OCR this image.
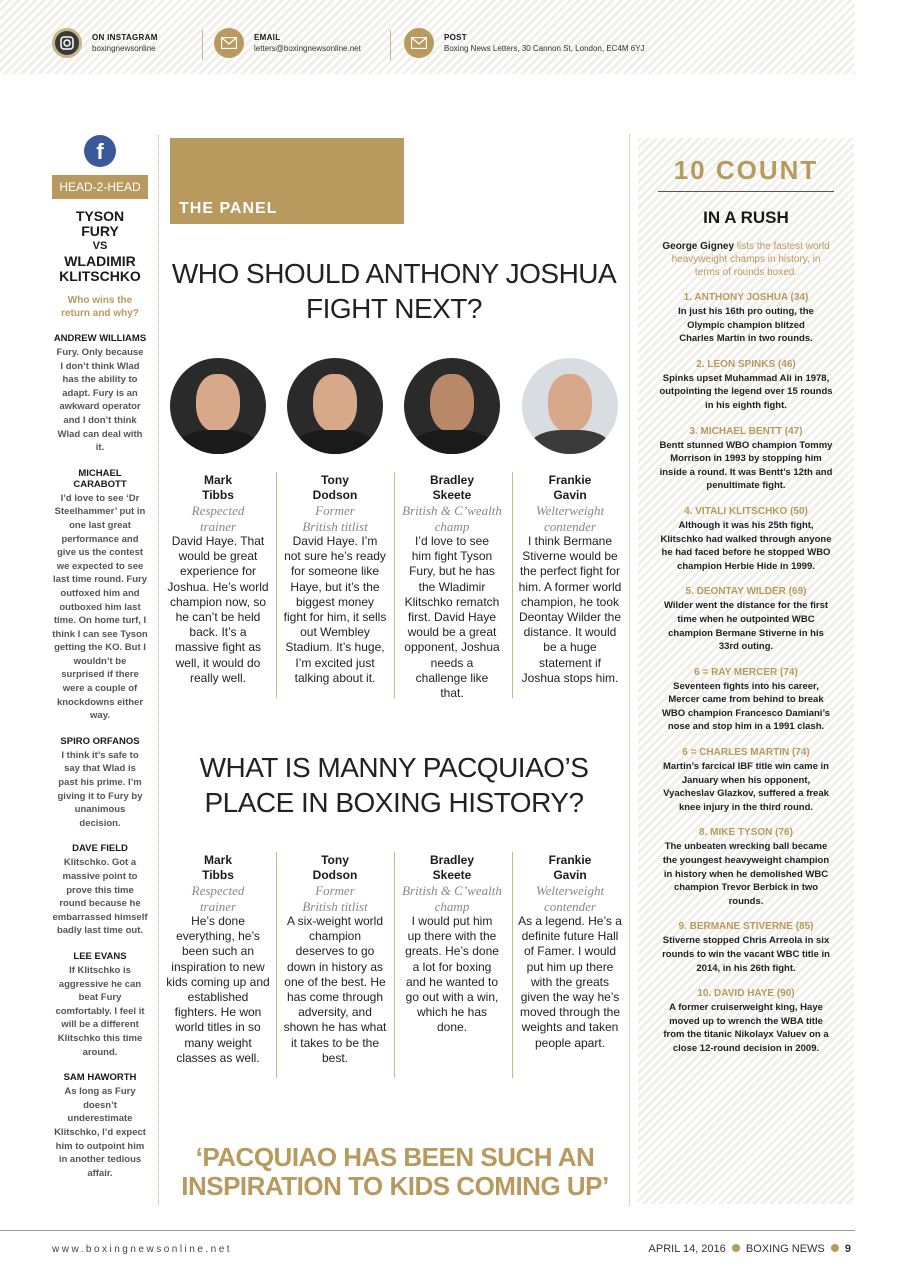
ON INSTAGRAM
boxingnewsonline
EMAIL
letters@boxingnewsonline.net
POST
Boxing News Letters, 30 Cannon St, London, EC4M 6YJ
f
HEAD-2-HEAD
TYSON FURY
VS
WLADIMIR KLITSCHKO
Who wins the return and why?
ANDREW WILLIAMS
Fury. Only because I don’t think Wlad has the ability to adapt. Fury is an awkward operator and I don’t think Wlad can deal with it.
MICHAEL CARABOTT
I’d love to see ‘Dr Steelhammer’ put in one last great performance and give us the contest we expected to see last time round. Fury outfoxed him and outboxed him last time. On home turf, I think I can see Tyson getting the KO. But I wouldn’t be surprised if there were a couple of knockdowns either way.
SPIRO ORFANOS
I think it’s safe to say that Wlad is past his prime. I’m giving it to Fury by unanimous decision.
DAVE FIELD
Klitschko. Got a massive point to prove this time round because he embarrassed himself badly last time out.
LEE EVANS
If Klitschko is aggressive he can beat Fury comfortably. I feel it will be a different Klitschko this time around.
SAM HAWORTH
As long as Fury doesn’t underestimate Klitschko, I’d expect him to outpoint him in another tedious affair.
THE PANEL
WHO SHOULD ANTHONY JOSHUA FIGHT NEXT?
Mark Tibbs
Respected trainer
David Haye. That would be great experience for Joshua. He’s world champion now, so he can’t be held back. It’s a massive fight as well, it would do really well.
Tony Dodson
Former British titlist
David Haye. I’m not sure he’s ready for someone like Haye, but it’s the biggest money fight for him, it sells out Wembley Stadium. It’s huge, I’m excited just talking about it.
Bradley Skeete
British & C’wealth champ
I’d love to see him fight Tyson Fury, but he has the Wladimir Klitschko rematch first. David Haye would be a great opponent, Joshua needs a challenge like that.
Frankie Gavin
Welterweight contender
I think Bermane Stiverne would be the perfect fight for him. A former world champion, he took Deontay Wilder the distance. It would be a huge statement if Joshua stops him.
WHAT IS MANNY PACQUIAO’S PLACE IN BOXING HISTORY?
Mark Tibbs
Respected trainer
He’s done everything, he’s been such an inspiration to new kids coming up and established fighters. He won world titles in so many weight classes as well.
Tony Dodson
Former British titlist
A six-weight world champion deserves to go down in history as one of the best. He has come through adversity, and shown he has what it takes to be the best.
Bradley Skeete
British & C’wealth champ
I would put him up there with the greats. He’s done a lot for boxing and he wanted to go out with a win, which he has done.
Frankie Gavin
Welterweight contender
As a legend. He’s a definite future Hall of Famer. I would put him up there with the greats given the way he’s moved through the weights and taken people apart.
‘PACQUIAO HAS BEEN SUCH AN INSPIRATION TO KIDS COMING UP’
10 COUNT
IN A RUSH
George Gigney lists the fastest world heavyweight champs in history, in terms of rounds boxed.
1. ANTHONY JOSHUA (34)
In just his 16th pro outing, the Olympic champion blitzed Charles Martin in two rounds.
2. LEON SPINKS (46)
Spinks upset Muhammad Ali in 1978, outpointing the legend over 15 rounds in his eighth fight.
3. MICHAEL BENTT (47)
Bentt stunned WBO champion Tommy Morrison in 1993 by stopping him inside a round. It was Bentt’s 12th and penultimate fight.
4. VITALI KLITSCHKO (50)
Although it was his 25th fight, Klitschko had walked through anyone he had faced before he stopped WBO champion Herbie Hide in 1999.
5. DEONTAY WILDER (69)
Wilder went the distance for the first time when he outpointed WBC champion Bermane Stiverne in his 33rd outing.
6 = RAY MERCER (74)
Seventeen fights into his career, Mercer came from behind to break WBO champion Francesco Damiani’s nose and stop him in a 1991 clash.
6 = CHARLES MARTIN (74)
Martin’s farcical IBF title win came in January when his opponent, Vyacheslav Glazkov, suffered a freak knee injury in the third round.
8. MIKE TYSON (76)
The unbeaten wrecking ball became the youngest heavyweight champion in history when he demolished WBC champion Trevor Berbick in two rounds.
9. BERMANE STIVERNE (85)
Stiverne stopped Chris Arreola in six rounds to win the vacant WBC title in 2014, in his 26th fight.
10. DAVID HAYE (90)
A former cruiserweight king, Haye moved up to wrench the WBA title from the titanic Nikolayx Valuev on a close 12-round decision in 2009.
www.boxingnewsonline.net	APRIL 14, 2016 BOXING NEWS 9
